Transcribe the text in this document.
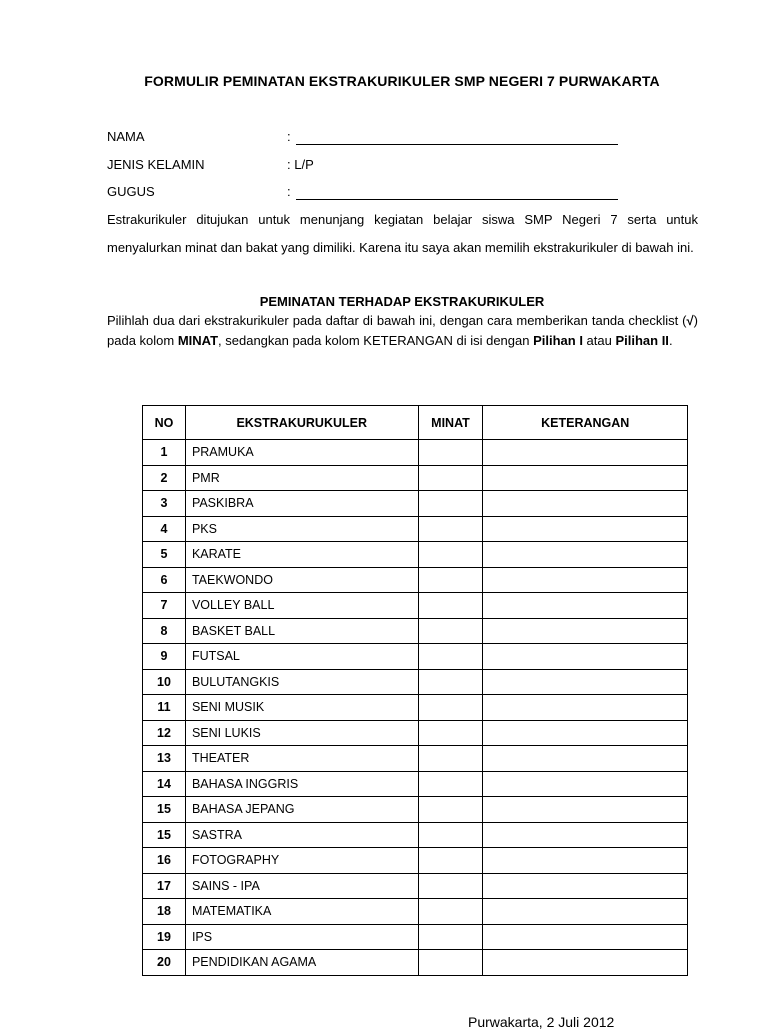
FORMULIR PEMINATAN EKSTRAKURIKULER SMP NEGERI 7 PURWAKARTA
NAMA	:
JENIS KELAMIN	: L/P
GUGUS	:
Estrakurikuler ditujukan untuk menunjang kegiatan belajar siswa SMP Negeri 7 serta untuk menyalurkan minat dan bakat yang dimiliki. Karena itu saya akan memilih ekstrakurikuler di bawah ini.
PEMINATAN TERHADAP EKSTRAKURIKULER
Pilihlah dua dari ekstrakurikuler pada daftar di bawah ini, dengan cara memberikan tanda checklist (√) pada kolom MINAT, sedangkan pada kolom KETERANGAN di isi dengan Pilihan I atau Pilihan II.
NO	EKSTRAKURUKULER	MINAT	KETERANGAN
1	PRAMUKA		
2	PMR		
3	PASKIBRA		
4	PKS		
5	KARATE		
6	TAEKWONDO		
7	VOLLEY BALL		
8	BASKET BALL		
9	FUTSAL		
10	BULUTANGKIS		
11	SENI MUSIK		
12	SENI LUKIS		
13	THEATER		
14	BAHASA INGGRIS		
15	BAHASA JEPANG		
15	SASTRA		
16	FOTOGRAPHY		
17	SAINS - IPA		
18	MATEMATIKA		
19	IPS		
20	PENDIDIKAN AGAMA		
Purwakarta, 2 Juli 2012
